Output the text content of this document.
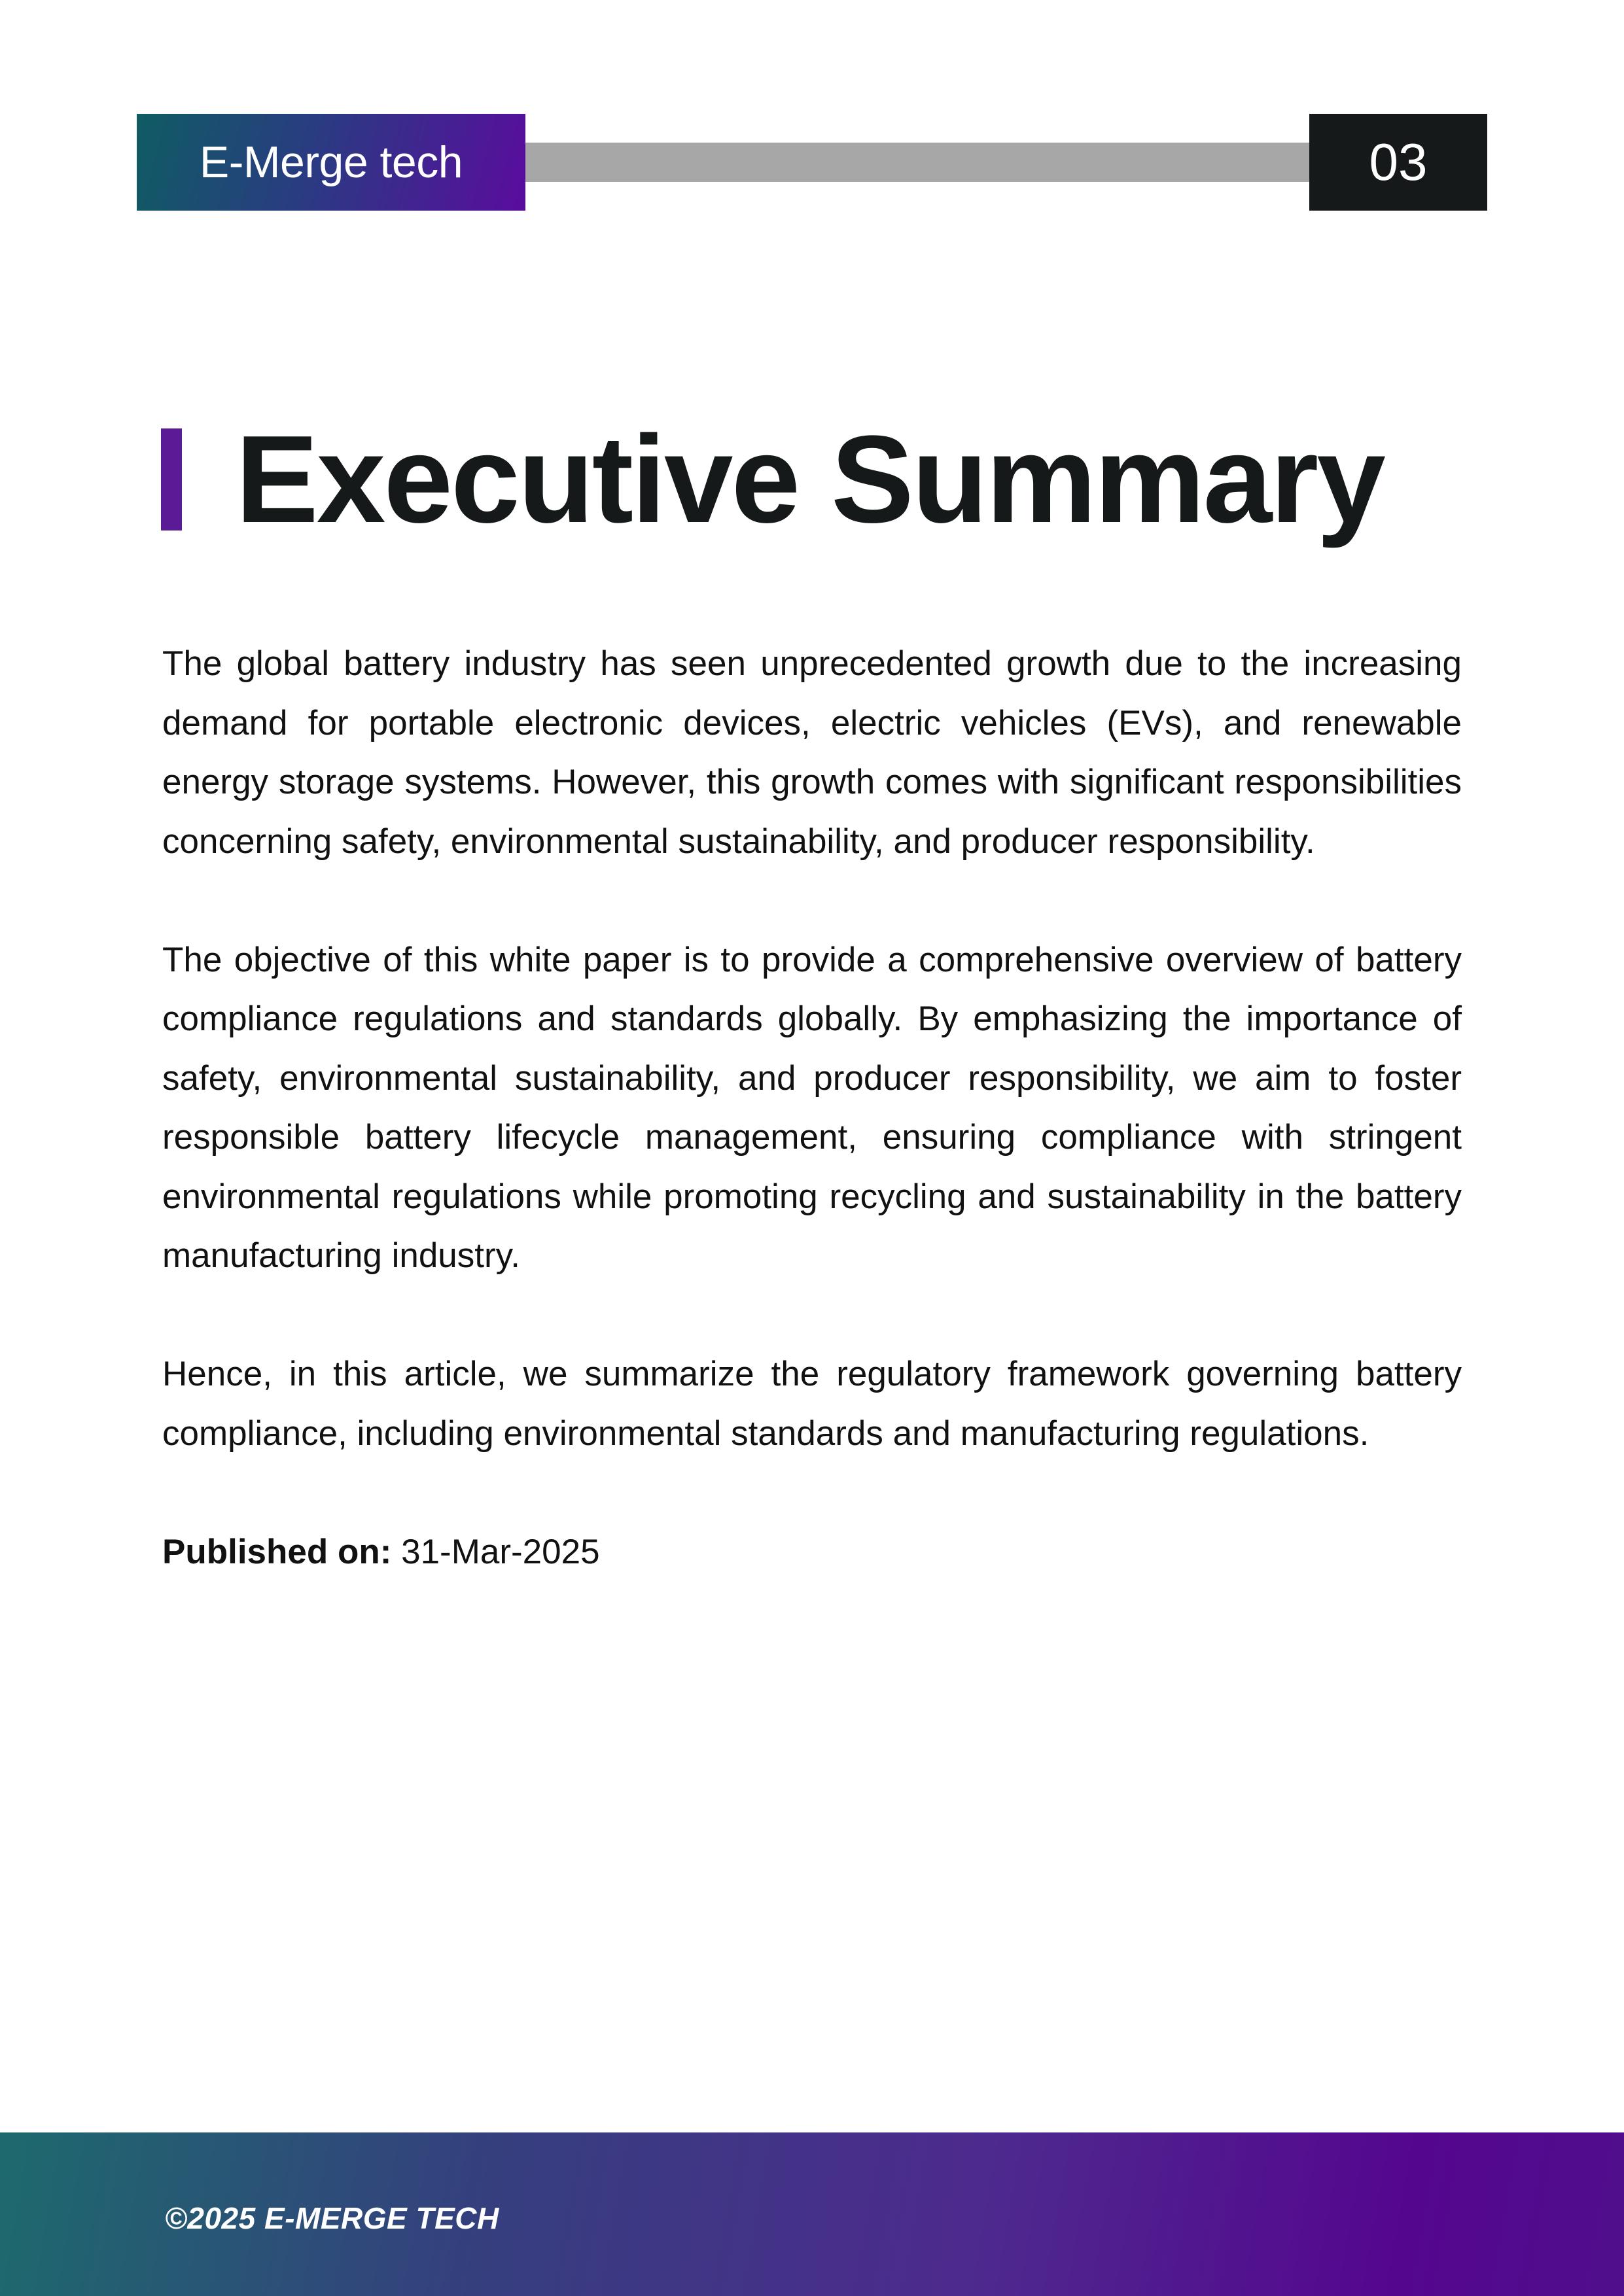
E-Merge tech	03
Executive Summary

The global battery industry has seen unprecedented growth due to the increasing demand for portable electronic devices, electric vehicles (EVs), and renewable energy storage systems. However, this growth comes with significant responsibilities concerning safety, environmental sustainability, and producer responsibility.

The objective of this white paper is to provide a comprehensive overview of battery compliance regulations and standards globally. By emphasizing the importance of safety, environmental sustainability, and producer responsibility, we aim to foster responsible battery lifecycle management, ensuring compliance with stringent environmental regulations while promoting recycling and sustainability in the battery manufacturing industry.

Hence, in this article, we summarize the regulatory framework governing battery compliance, including environmental standards and manufacturing regulations.

Published on: 31-Mar-2025
©2025 E-MERGE TECH
